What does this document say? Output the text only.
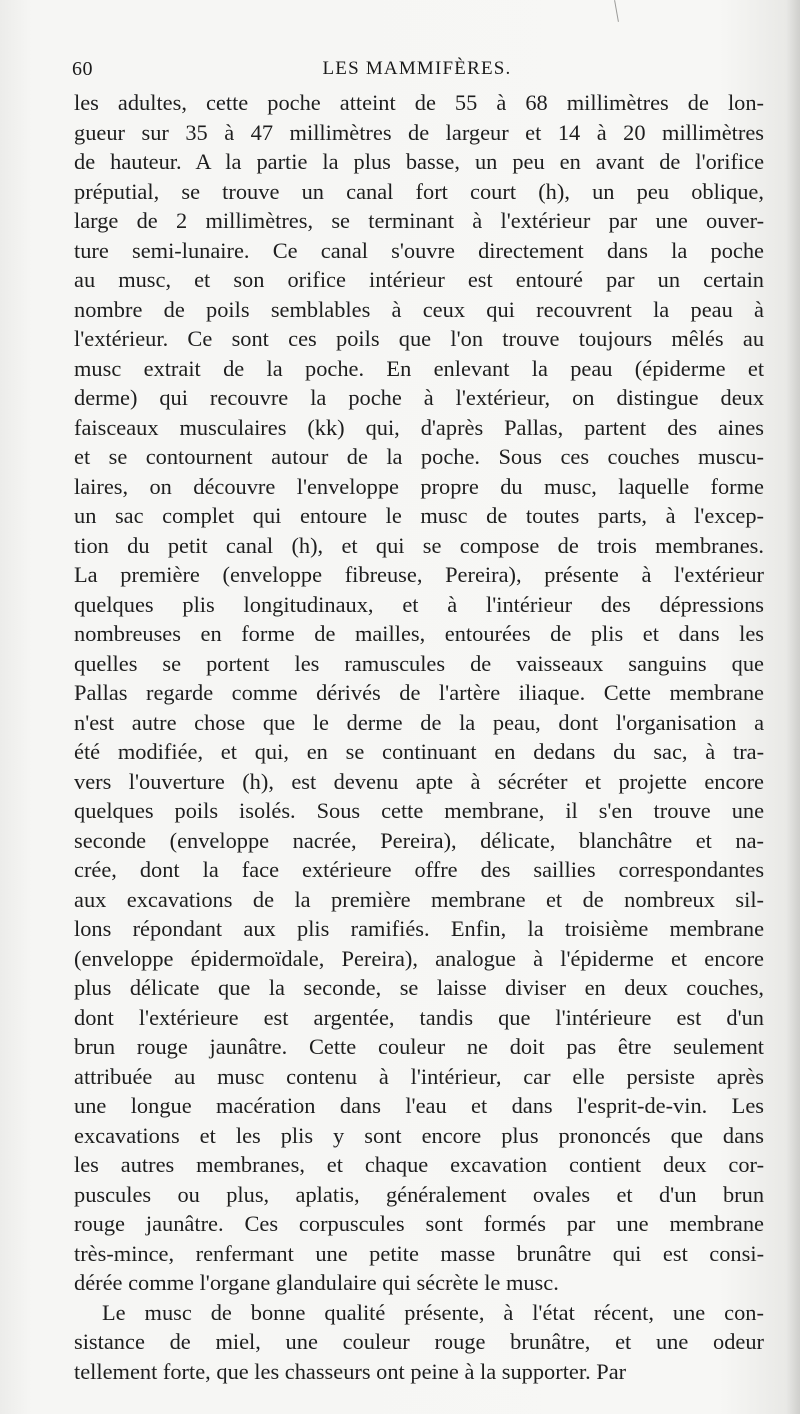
60	LES MAMMIFÈRES.
les adultes, cette poche atteint de 55 à 68 millimètres de lon-
gueur sur 35 à 47 millimètres de largeur et 14 à 20 millimètres
de hauteur. A la partie la plus basse, un peu en avant de l'orifice
préputial, se trouve un canal fort court (h), un peu oblique,
large de 2 millimètres, se terminant à l'extérieur par une ouver-
ture semi-lunaire. Ce canal s'ouvre directement dans la poche
au musc, et son orifice intérieur est entouré par un certain
nombre de poils semblables à ceux qui recouvrent la peau à
l'extérieur. Ce sont ces poils que l'on trouve toujours mêlés au
musc extrait de la poche. En enlevant la peau (épiderme et
derme) qui recouvre la poche à l'extérieur, on distingue deux
faisceaux musculaires (kk) qui, d'après Pallas, partent des aines
et se contournent autour de la poche. Sous ces couches muscu-
laires, on découvre l'enveloppe propre du musc, laquelle forme
un sac complet qui entoure le musc de toutes parts, à l'excep-
tion du petit canal (h), et qui se compose de trois membranes.
La première (enveloppe fibreuse, Pereira), présente à l'extérieur
quelques plis longitudinaux, et à l'intérieur des dépressions
nombreuses en forme de mailles, entourées de plis et dans les
quelles se portent les ramuscules de vaisseaux sanguins que
Pallas regarde comme dérivés de l'artère iliaque. Cette membrane
n'est autre chose que le derme de la peau, dont l'organisation a
été modifiée, et qui, en se continuant en dedans du sac, à tra-
vers l'ouverture (h), est devenu apte à sécréter et projette encore
quelques poils isolés. Sous cette membrane, il s'en trouve une
seconde (enveloppe nacrée, Pereira), délicate, blanchâtre et na-
crée, dont la face extérieure offre des saillies correspondantes
aux excavations de la première membrane et de nombreux sil-
lons répondant aux plis ramifiés. Enfin, la troisième membrane
(enveloppe épidermoïdale, Pereira), analogue à l'épiderme et encore
plus délicate que la seconde, se laisse diviser en deux couches,
dont l'extérieure est argentée, tandis que l'intérieure est d'un
brun rouge jaunâtre. Cette couleur ne doit pas être seulement
attribuée au musc contenu à l'intérieur, car elle persiste après
une longue macération dans l'eau et dans l'esprit-de-vin. Les
excavations et les plis y sont encore plus prononcés que dans
les autres membranes, et chaque excavation contient deux cor-
puscules ou plus, aplatis, généralement ovales et d'un brun
rouge jaunâtre. Ces corpuscules sont formés par une membrane
très-mince, renfermant une petite masse brunâtre qui est consi-
dérée comme l'organe glandulaire qui sécrète le musc.
Le musc de bonne qualité présente, à l'état récent, une con-
sistance de miel, une couleur rouge brunâtre, et une odeur
tellement forte, que les chasseurs ont peine à la supporter. Par
